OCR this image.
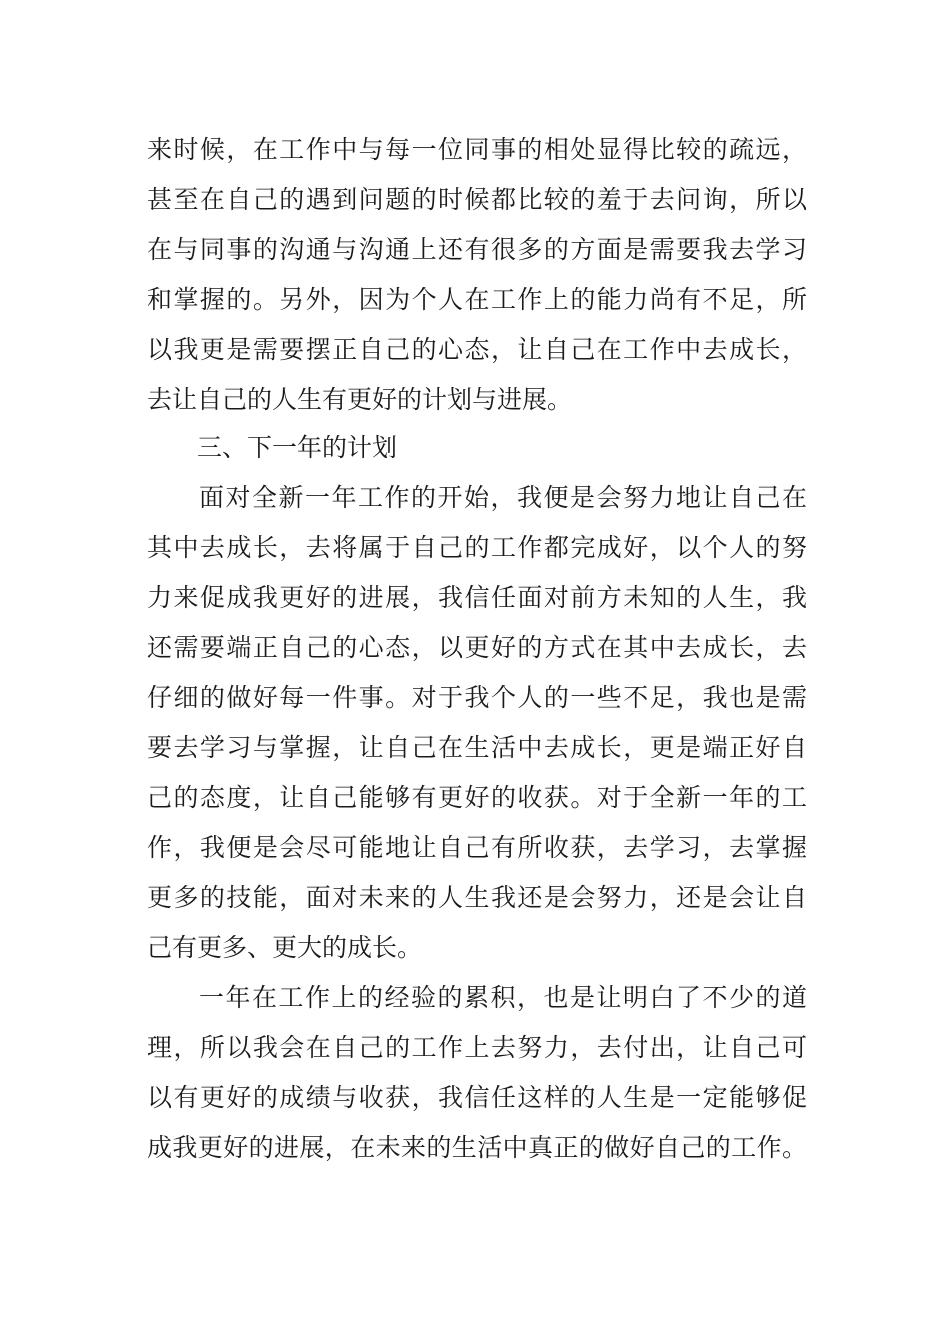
来时候，在工作中与每一位同事的相处显得比较的疏远，
甚至在自己的遇到问题的时候都比较的羞于去问询，所以
在与同事的沟通与沟通上还有很多的方面是需要我去学习
和掌握的。另外，因为个人在工作上的能力尚有不足，所
以我更是需要摆正自己的心态，让自己在工作中去成长，
去让自己的人生有更好的计划与进展。
三、下一年的计划
面对全新一年工作的开始，我便是会努力地让自己在
其中去成长，去将属于自己的工作都完成好，以个人的努
力来促成我更好的进展，我信任面对前方未知的人生，我
还需要端正自己的心态，以更好的方式在其中去成长，去
仔细的做好每一件事。对于我个人的一些不足，我也是需
要去学习与掌握，让自己在生活中去成长，更是端正好自
己的态度，让自己能够有更好的收获。对于全新一年的工
作，我便是会尽可能地让自己有所收获，去学习，去掌握
更多的技能，面对未来的人生我还是会努力，还是会让自
己有更多、更大的成长。
一年在工作上的经验的累积，也是让明白了不少的道
理，所以我会在自己的工作上去努力，去付出，让自己可
以有更好的成绩与收获，我信任这样的人生是一定能够促
成我更好的进展，在未来的生活中真正的做好自己的工作。
